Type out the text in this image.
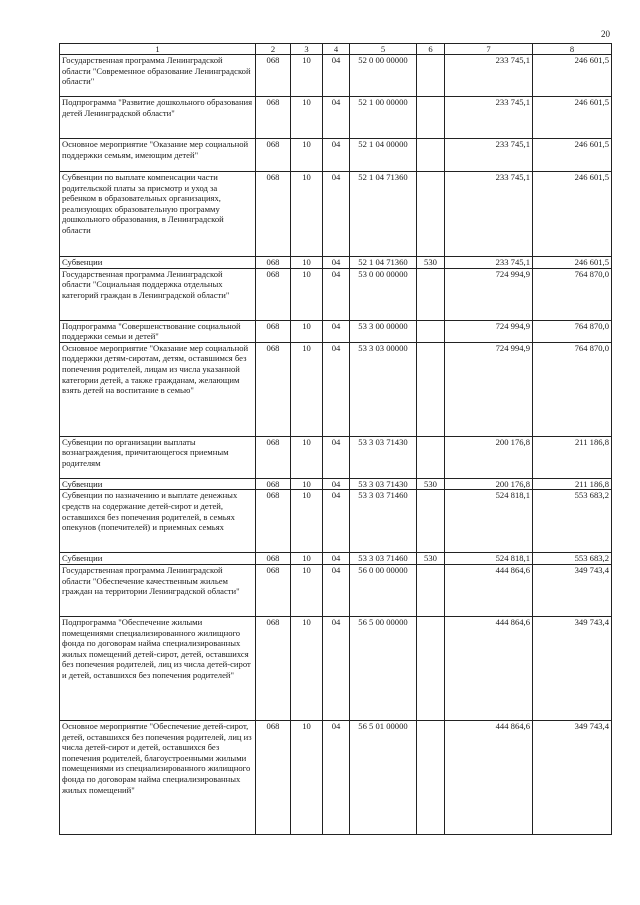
20
1	2	3	4	5	6	7	8
Государственная программа Ленинградской области "Современное образование Ленинградской области"	068	10	04	52 0 00 00000		233 745,1	246 601,5
Подпрограмма "Развитие дошкольного образования детей Ленинградской области"	068	10	04	52 1 00 00000		233 745,1	246 601,5
Основное мероприятие "Оказание мер социальной поддержки семьям, имеющим детей"	068	10	04	52 1 04 00000		233 745,1	246 601,5
Субвенции по выплате компенсации части родительской платы за присмотр и уход за ребенком в образовательных организациях, реализующих образовательную программу дошкольного образования, в Ленинградской области	068	10	04	52 1 04 71360		233 745,1	246 601,5
Субвенции	068	10	04	52 1 04 71360	530	233 745,1	246 601,5
Государственная программа Ленинградской области "Социальная поддержка отдельных категорий граждан в Ленинградской области"	068	10	04	53 0 00 00000		724 994,9	764 870,0
Подпрограмма "Совершенствование социальной поддержки семьи и детей"	068	10	04	53 3 00 00000		724 994,9	764 870,0
Основное мероприятие "Оказание мер социальной поддержки детям-сиротам, детям, оставшимся без попечения родителей, лицам из числа указанной категории детей, а также гражданам, желающим взять детей на воспитание в семью"	068	10	04	53 3 03 00000		724 994,9	764 870,0
Субвенции по организации выплаты вознаграждения, причитающегося приемным родителям	068	10	04	53 3 03 71430		200 176,8	211 186,8
Субвенции	068	10	04	53 3 03 71430	530	200 176,8	211 186,8
Субвенции по назначению и выплате денежных средств на содержание детей-сирот и детей, оставшихся без попечения родителей, в семьях опекунов (попечителей) и приемных семьях	068	10	04	53 3 03 71460		524 818,1	553 683,2
Субвенции	068	10	04	53 3 03 71460	530	524 818,1	553 683,2
Государственная программа Ленинградской области "Обеспечение качественным жильем граждан на территории Ленинградской области"	068	10	04	56 0 00 00000		444 864,6	349 743,4
Подпрограмма "Обеспечение жилыми помещениями специализированного жилищного фонда по договорам найма специализированных жилых помещений детей-сирот, детей, оставшихся без попечения родителей, лиц из числа детей-сирот и детей, оставшихся без попечения родителей"	068	10	04	56 5 00 00000		444 864,6	349 743,4
Основное мероприятие "Обеспечение детей-сирот, детей, оставшихся без попечения родителей, лиц из числа детей-сирот и детей, оставшихся без попечения родителей, благоустроенными жилыми помещениями из специализированного жилищного фонда по договорам найма специализированных жилых помещений"	068	10	04	56 5 01 00000		444 864,6	349 743,4
